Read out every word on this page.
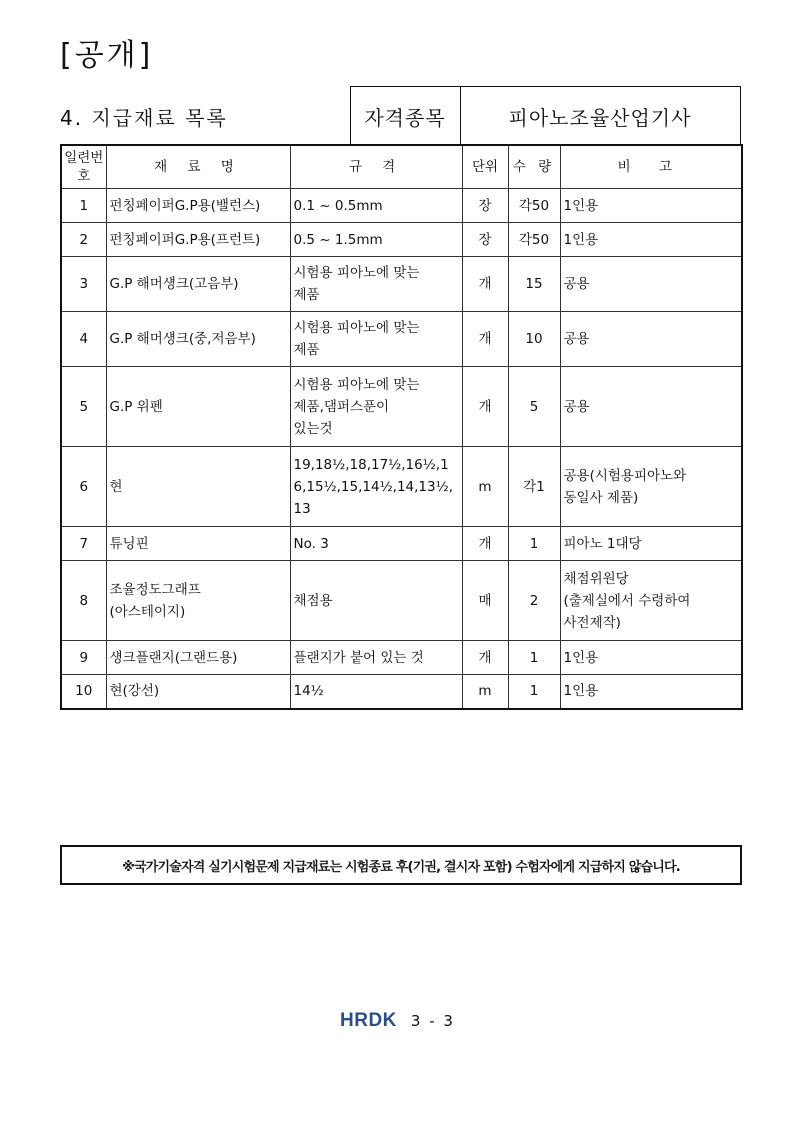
[공개]
4. 지급재료 목록	자격종목	피아노조율산업기사
일련번
호	재 료 명	규 격	단위	수 량	비 고
1	펀칭페이퍼G.P용(밸런스)	0.1 ~ 0.5mm	장	각50	1인용
2	펀칭페이퍼G.P용(프런트)	0.5 ~ 1.5mm	장	각50	1인용
3	G.P 해머섕크(고음부)	시험용 피아노에 맞는
제품	개	15	공용
4	G.P 해머섕크(중,저음부)	시험용 피아노에 맞는
제품	개	10	공용
5	G.P 위펜	시험용 피아노에 맞는
제품,댐퍼스푼이
있는것	개	5	공용
6	현	19,18½,18,17½,16½,16,15½,15,14½,14,13½,13	m	각1	공용(시험용피아노와
동일사 제품)
7	튜닝핀	No. 3	개	1	피아노 1대당
8	조율정도그래프
(아스테이지)	채점용	매	2	채점위원당
(출제실에서 수령하여
사전제작)
9	섕크플랜지(그랜드용)	플랜지가 붙어 있는 것	개	1	1인용
10	현(강선)	14½	m	1	1인용
※국가기술자격 실기시험문제 지급재료는 시험종료 후(기권, 결시자 포함) 수험자에게 지급하지 않습니다.
HRDK 3 - 3
